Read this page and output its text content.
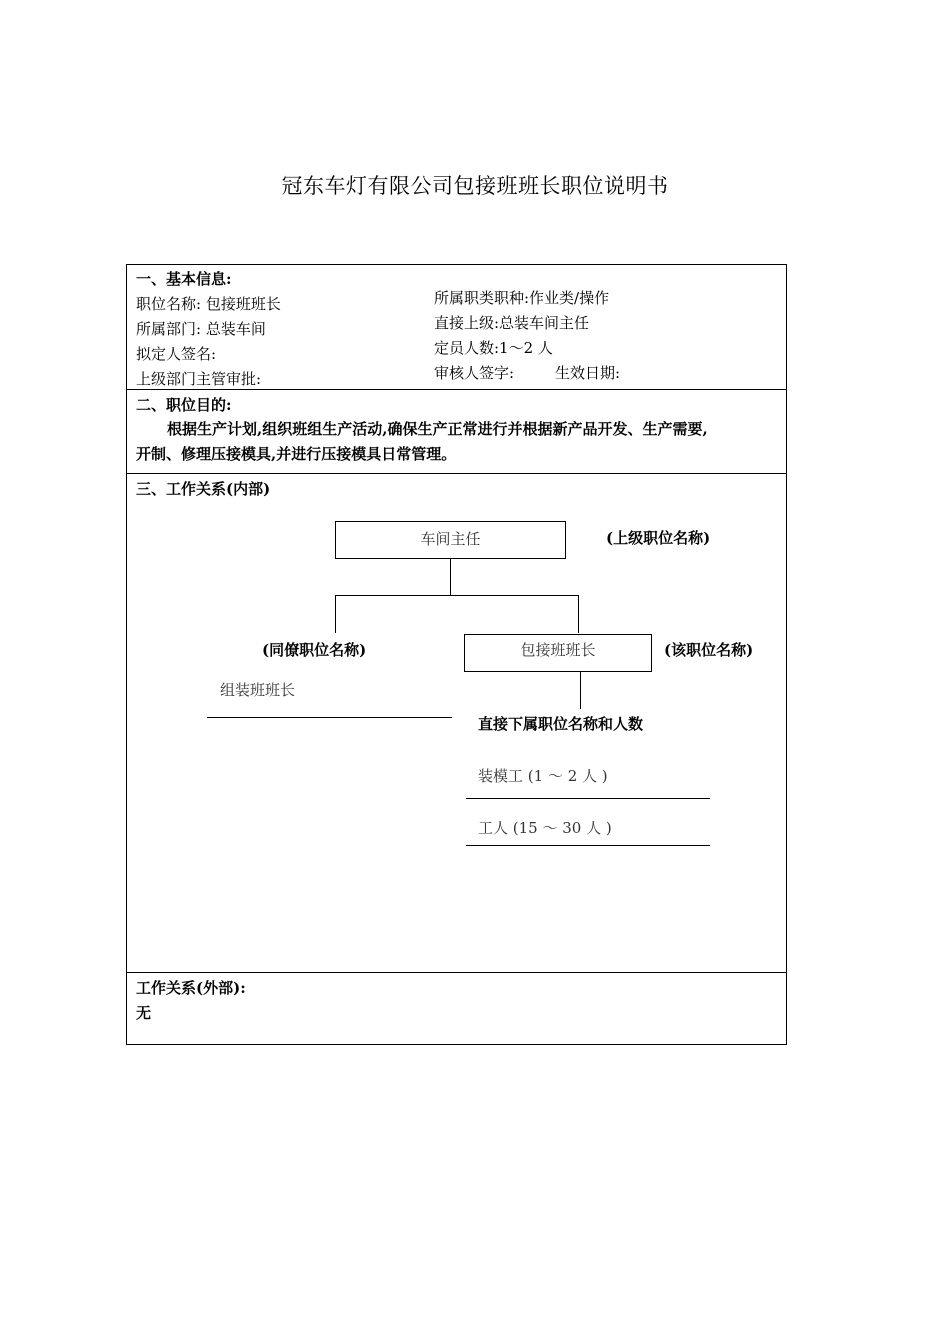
冠东车灯有限公司包接班班长职位说明书
一、基本信息:
职位名称: 包接班班长
所属部门: 总装车间
拟定人签名:
上级部门主管审批:
所属职类职种:作业类/操作
直接上级:总装车间主任
定员人数:1～2 人
审核人签字:	生效日期:
二、职位目的:
根据生产计划,组织班组生产活动,确保生产正常进行并根据新产品开发、生产需要,
开制、修理压接模具,并进行压接模具日常管理。
三、工作关系(内部)
车间主任	(上级职位名称)
(同僚职位名称)
组装班班长
包接班班长	(该职位名称)
直接下属职位名称和人数
装模工 (1 ～ 2 人 )
工人 (15 ～ 30 人 )
工作关系(外部):
无
